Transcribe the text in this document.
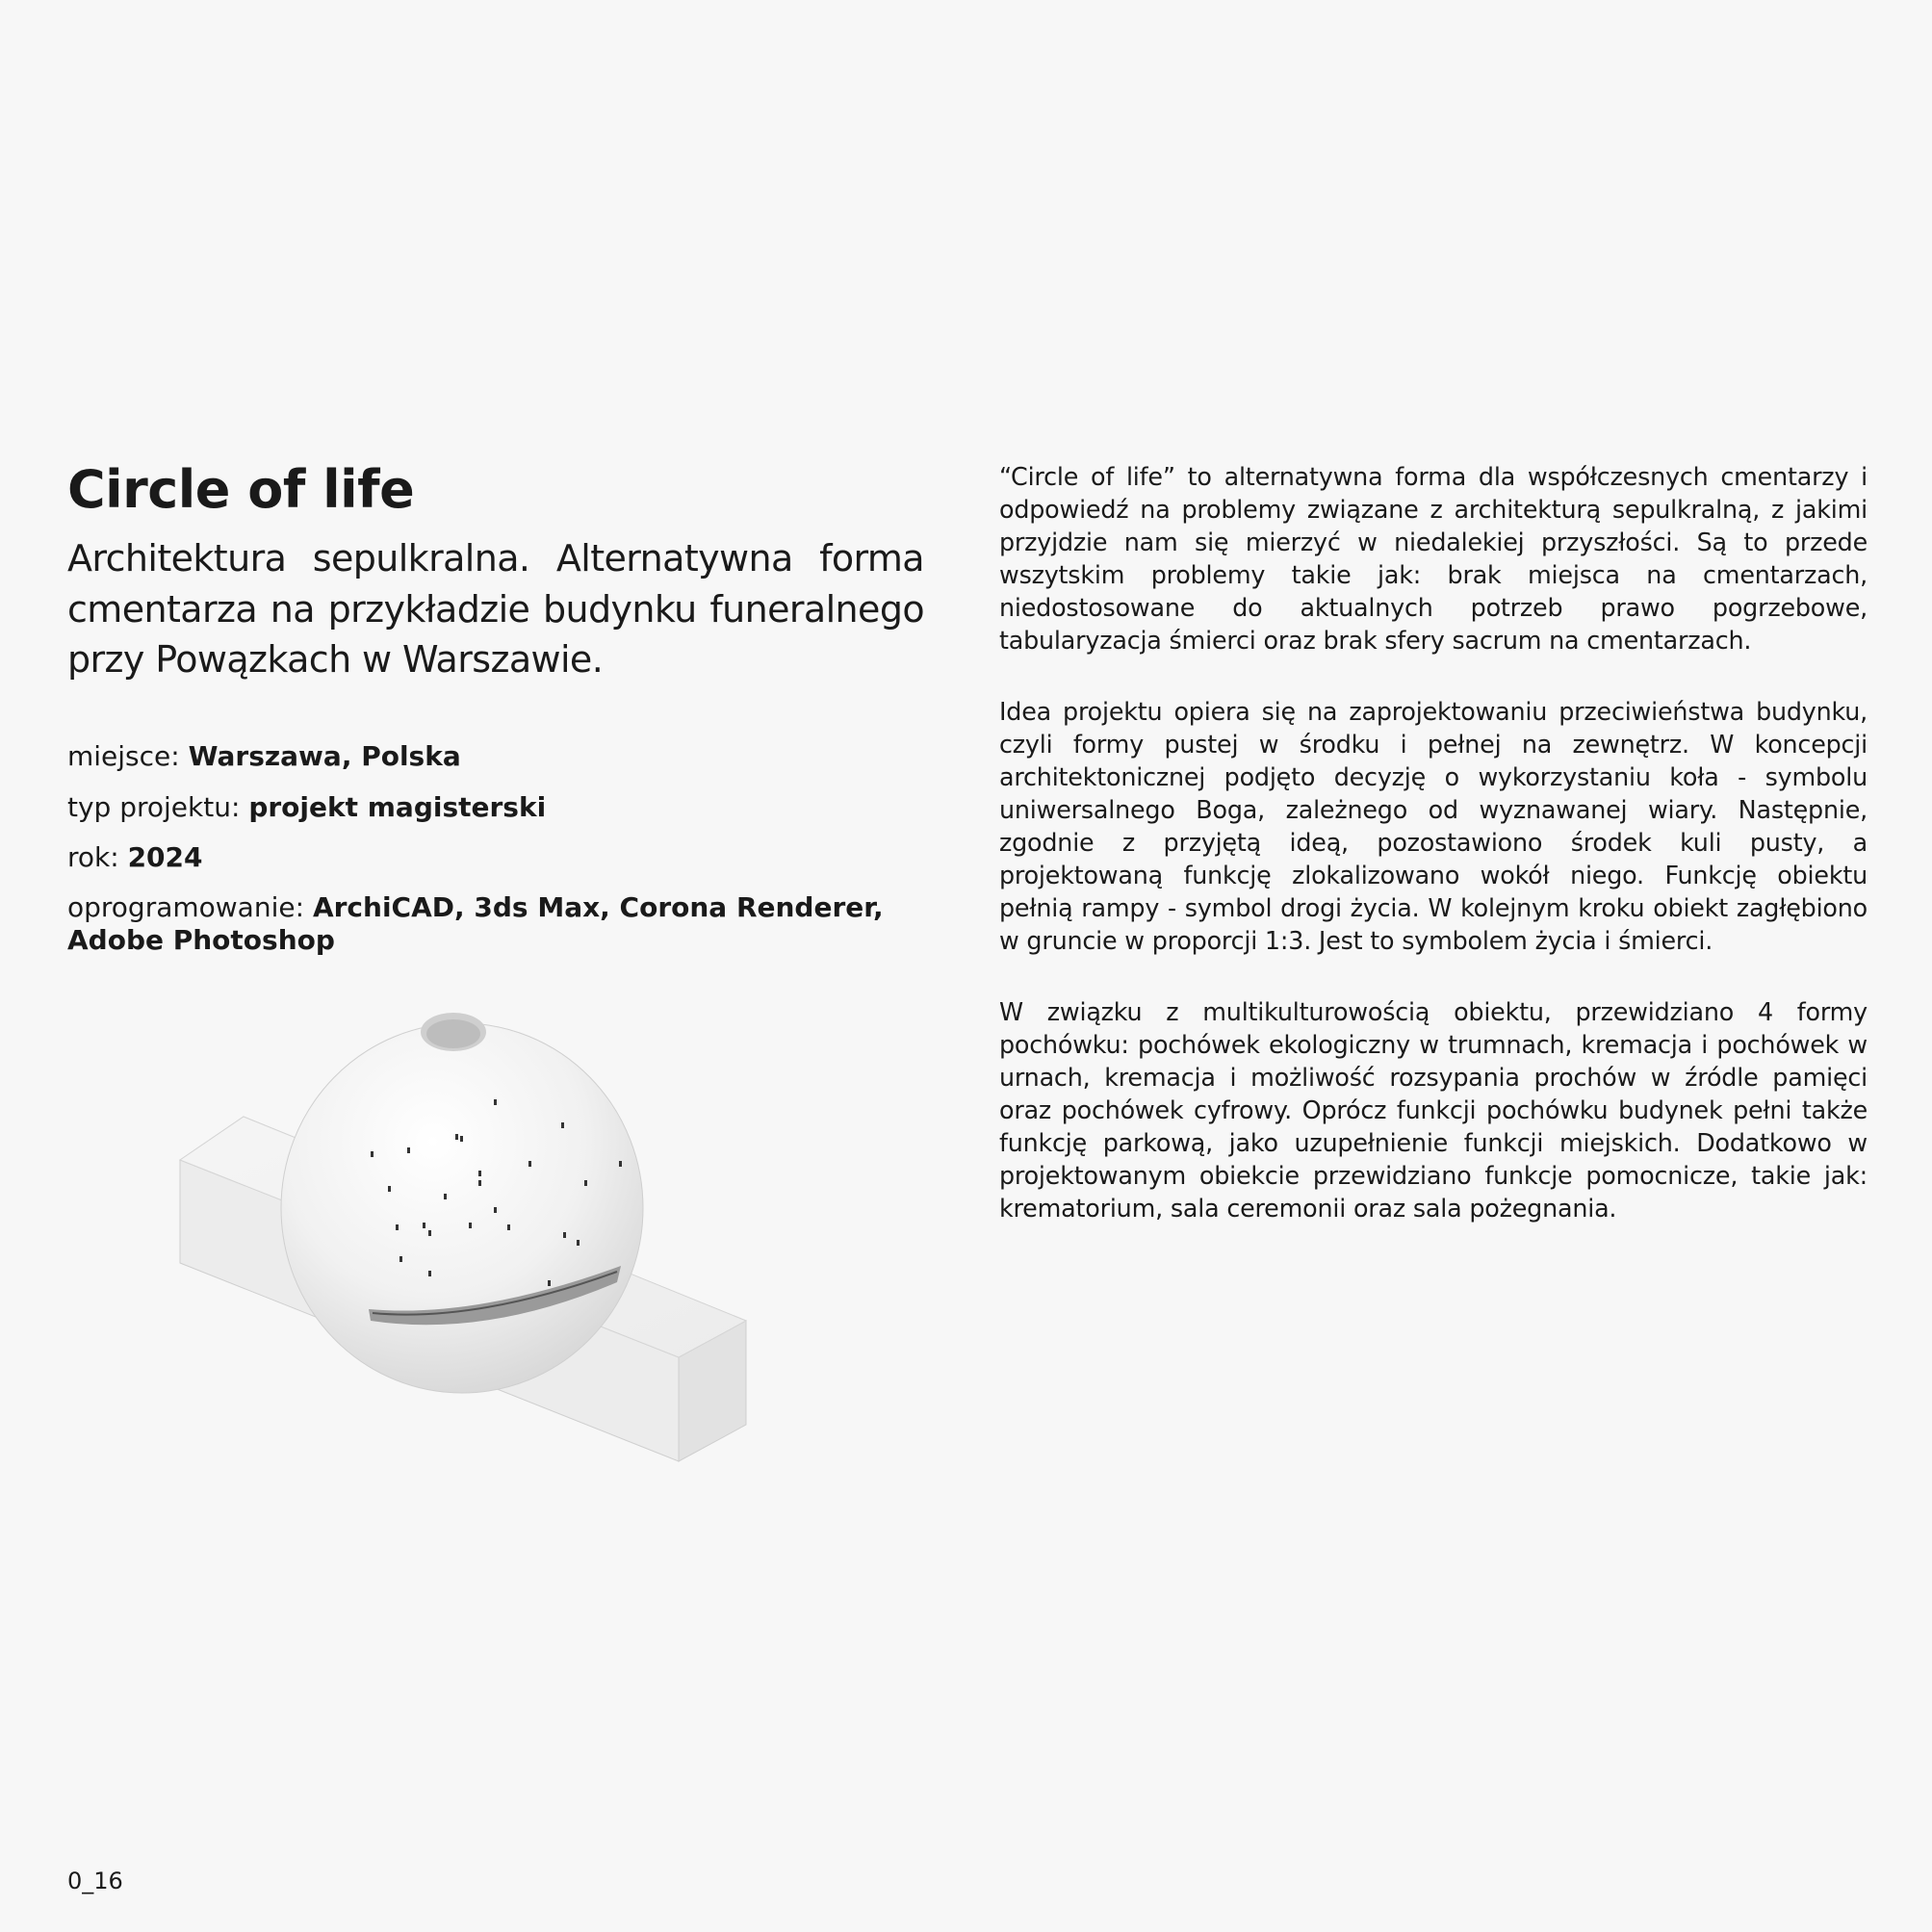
Circle of life

Architektura sepulkralna. Alternatywna forma cmentarza na przykładzie budynku funeralnego przy Powązkach w Warszawie.

miejsce: Warszawa, Polska
typ projektu: projekt magisterski
rok: 2024
oprogramowanie: ArchiCAD, 3ds Max, Corona Renderer, Adobe Photoshop

“Circle of life” to alternatywna forma dla współczesnych cmentarzy i odpowiedź na problemy związane z architekturą sepulkralną, z jakimi przyjdzie nam się mierzyć w niedalekiej przyszłości. Są to przede wszytskim problemy takie jak: brak miejsca na cmentarzach, niedostosowane do aktualnych potrzeb prawo pogrzebowe, tabularyzacja śmierci oraz brak sfery sacrum na cmentarzach.

Idea projektu opiera się na zaprojektowaniu przeciwieństwa budynku, czyli formy pustej w środku i pełnej na zewnętrz. W koncepcji architektonicznej podjęto decyzję o wykorzystaniu koła - symbolu uniwersalnego Boga, zależnego od wyznawanej wiary. Następnie, zgodnie z przyjętą ideą, pozostawiono środek kuli pusty, a projektowaną funkcję zlokalizowano wokół niego. Funkcję obiektu pełnią rampy - symbol drogi życia. W kolejnym kroku obiekt zagłębiono w gruncie w proporcji 1:3. Jest to symbolem życia i śmierci.

W związku z multikulturowością obiektu, przewidziano 4 formy pochówku: pochówek ekologiczny w trumnach, kremacja i pochówek w urnach, kremacja i możliwość rozsypania prochów w źródle pamięci oraz pochówek cyfrowy. Oprócz funkcji pochówku budynek pełni także funkcję parkową, jako uzupełnienie funkcji miejskich. Dodatkowo w projektowanym obiekcie przewidziano funkcje pomocnicze, takie jak: krematorium, sala ceremonii oraz sala pożegnania.

0_16
